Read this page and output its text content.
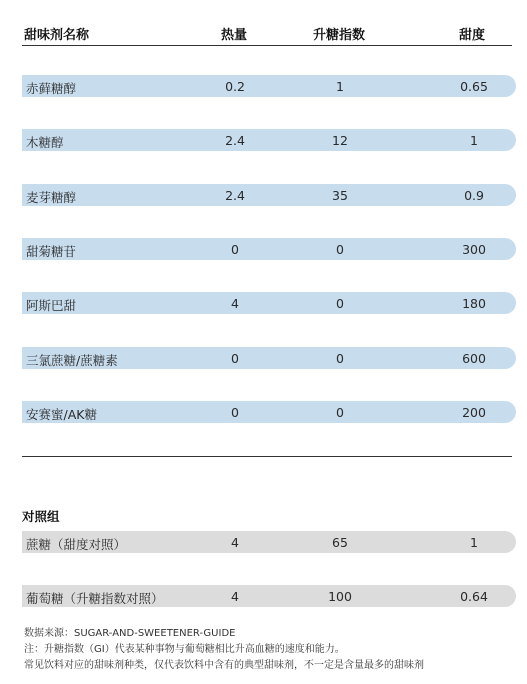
甜味剂名称	热量	升糖指数	甜度
赤藓糖醇	0.2	1	0.65
木糖醇	2.4	12	1
麦芽糖醇	2.4	35	0.9
甜菊糖苷	0	0	300
阿斯巴甜	4	0	180
三氯蔗糖/蔗糖素	0	0	600
安赛蜜/AK糖	0	0	200
对照组
蔗糖（甜度对照）	4	65	1
葡萄糖（升糖指数对照）	4	100	0.64
数据来源：SUGAR-AND-SWEETENER-GUIDE
注：升糖指数（GI）代表某种事物与葡萄糖相比升高血糖的速度和能力。
常见饮料对应的甜味剂种类，仅代表饮料中含有的典型甜味剂，不一定是含量最多的甜味剂
